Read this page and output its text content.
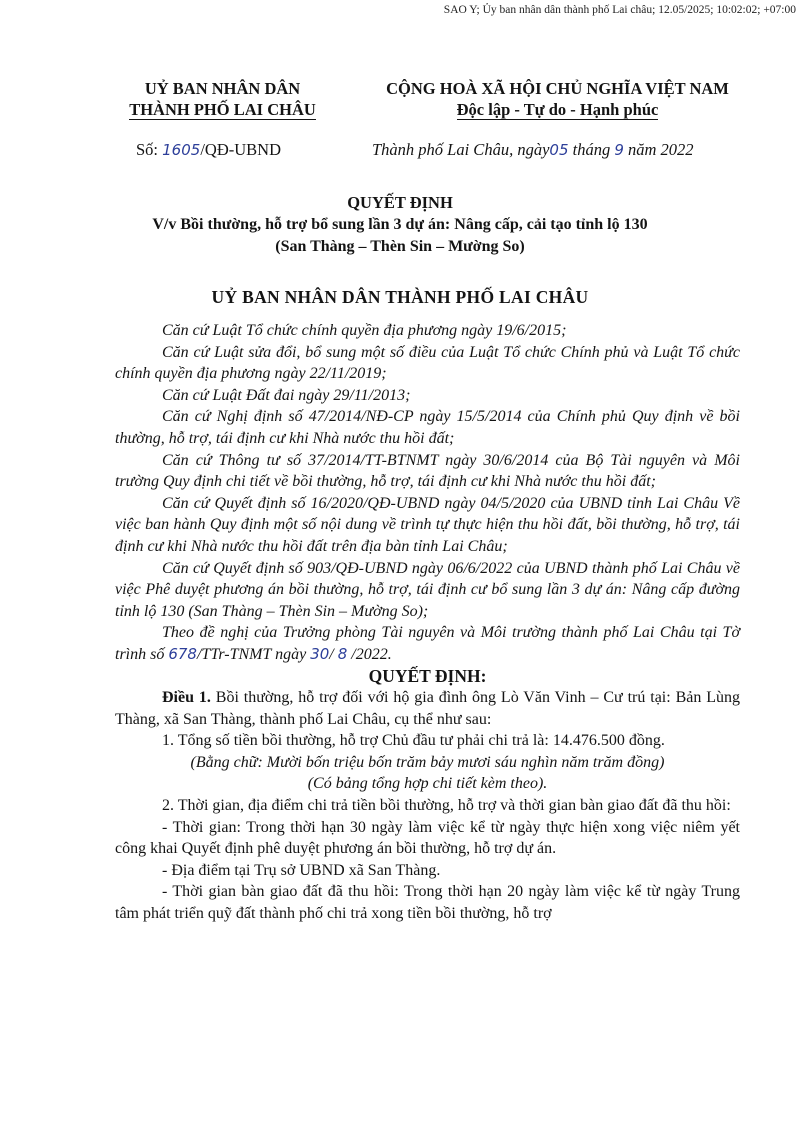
SAO Y; Ủy ban nhân dân thành phố Lai châu; 12.05/2025; 10:02:02; +07:00
UỶ BAN NHÂN DÂN
THÀNH PHỐ LAI CHÂU
CỘNG HOÀ XÃ HỘI CHỦ NGHĨA VIỆT NAM
Độc lập - Tự do - Hạnh phúc
Số: 1605/QĐ-UBND	Thành phố Lai Châu, ngày05 tháng 9 năm 2022
QUYẾT ĐỊNH
V/v Bồi thường, hỗ trợ bổ sung lần 3 dự án: Nâng cấp, cải tạo tỉnh lộ 130
(San Thàng – Thèn Sin – Mường So)
UỶ BAN NHÂN DÂN THÀNH PHỐ LAI CHÂU

Căn cứ Luật Tổ chức chính quyền địa phương ngày 19/6/2015;

Căn cứ Luật sửa đổi, bổ sung một số điều của Luật Tổ chức Chính phủ và Luật Tổ chức chính quyền địa phương ngày 22/11/2019;

Căn cứ Luật Đất đai ngày 29/11/2013;

Căn cứ Nghị định số 47/2014/NĐ-CP ngày 15/5/2014 của Chính phủ Quy định về bồi thường, hỗ trợ, tái định cư khi Nhà nước thu hồi đất;

Căn cứ Thông tư số 37/2014/TT-BTNMT ngày 30/6/2014 của Bộ Tài nguyên và Môi trường Quy định chi tiết về bồi thường, hỗ trợ, tái định cư khi Nhà nước thu hồi đất;

Căn cứ Quyết định số 16/2020/QĐ-UBND ngày 04/5/2020 của UBND tỉnh Lai Châu Về việc ban hành Quy định một số nội dung về trình tự thực hiện thu hồi đất, bồi thường, hỗ trợ, tái định cư khi Nhà nước thu hồi đất trên địa bàn tỉnh Lai Châu;

Căn cứ Quyết định số 903/QĐ-UBND ngày 06/6/2022 của UBND thành phố Lai Châu về việc Phê duyệt phương án bồi thường, hỗ trợ, tái định cư bổ sung lần 3 dự án: Nâng cấp đường tỉnh lộ 130 (San Thàng – Thèn Sin – Mường So);

Theo đề nghị của Trưởng phòng Tài nguyên và Môi trường thành phố Lai Châu tại Tờ trình số 678/TTr-TNMT ngày 30/ 8 /2022.

QUYẾT ĐỊNH:

Điều 1. Bồi thường, hỗ trợ đối với hộ gia đình ông Lò Văn Vinh – Cư trú tại: Bản Lùng Thàng, xã San Thàng, thành phố Lai Châu, cụ thể như sau:

1. Tổng số tiền bồi thường, hỗ trợ Chủ đầu tư phải chi trả là: 14.476.500 đồng.

(Bằng chữ: Mười bốn triệu bốn trăm bảy mươi sáu nghìn năm trăm đồng)

(Có bảng tổng hợp chi tiết kèm theo).

2. Thời gian, địa điểm chi trả tiền bồi thường, hỗ trợ và thời gian bàn giao đất đã thu hồi:

- Thời gian: Trong thời hạn 30 ngày làm việc kể từ ngày thực hiện xong việc niêm yết công khai Quyết định phê duyệt phương án bồi thường, hỗ trợ dự án.

- Địa điểm tại Trụ sở UBND xã San Thàng.

- Thời gian bàn giao đất đã thu hồi: Trong thời hạn 20 ngày làm việc kể từ ngày Trung tâm phát triển quỹ đất thành phố chi trả xong tiền bồi thường, hỗ trợ
